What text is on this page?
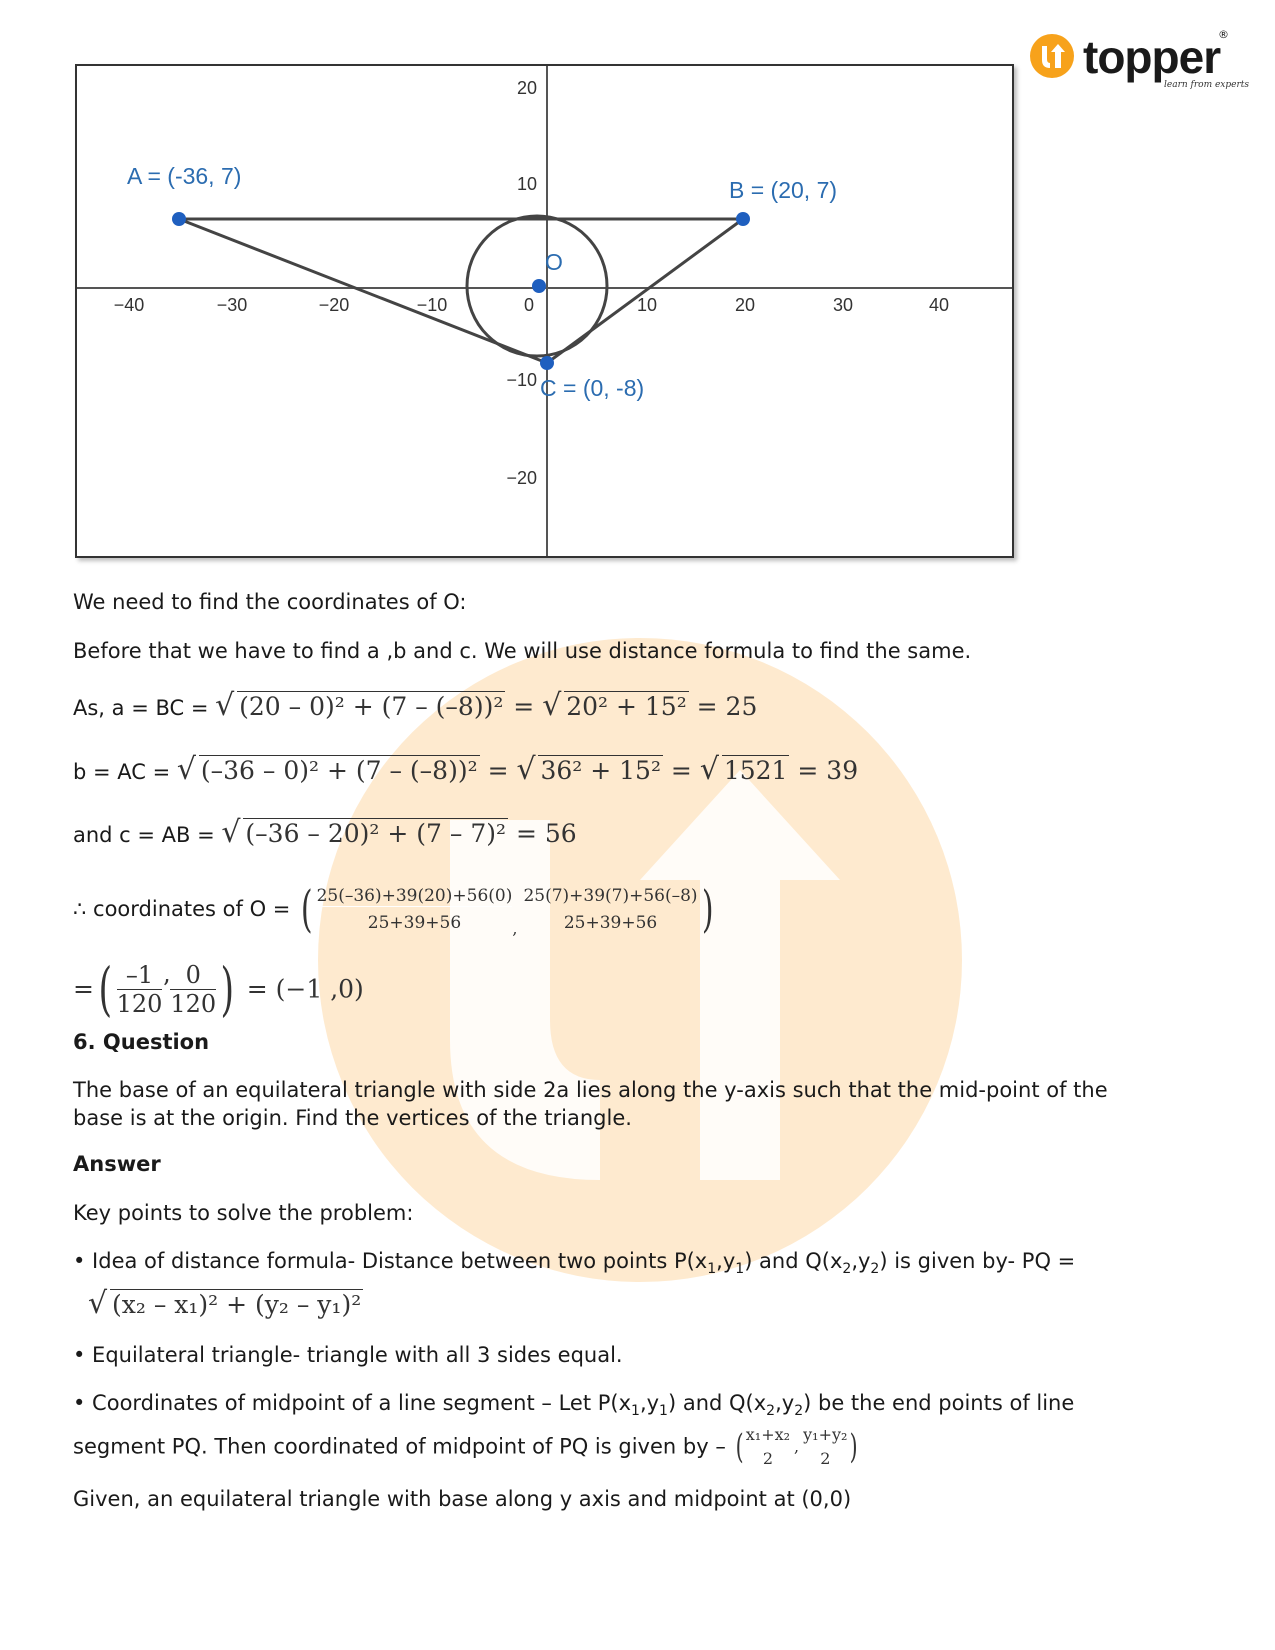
topper
®
learn from experts
−40	−30	−20	−10	0	10	20	30	40
20
10
−10
−20
A = (-36, 7)
B = (20, 7)
C = (0, -8)
O
We need to find the coordinates of O:
Before that we have to find a ,b and c. We will use distance formula to find the same.
As, a = BC = √ (20 – 0)² + (7 – (–8))² = √ 20² + 15² = 25
b = AC = √ (–36 – 0)² + (7 – (–8))² = √ 36² + 15² = √ 1521 = 39
and c = AB = √ (–36 – 20)² + (7 – 7)² = 56
∴ coordinates of O = ( $\frac{25(-36)+39(20)+56(0)}{25+39+56}$ ,
25(7)+39(7)+56(–8)
25+39+56 )
=( $\frac{-1}{120}$ ’ $\frac{0}{120}$ ) = (−1 ,0)
6. Question
The base of an equilateral triangle with side 2a lies along the y-axis such that the mid-point of the
base is at the origin. Find the vertices of the triangle.
Answer
Key points to solve the problem:
• Idea of distance formula- Distance between two points $P(x_1,y_1)$ and $Q(x_2,y_2)$ is given by- PQ =
√ (x₂ – x₁)² + (y₂ – y₁)²
• Equilateral triangle- triangle with all 3 sides equal.
• Coordinates of midpoint of a line segment – Let $P(x_1,y_1)$ and $Q(x_2,y_2)$ be the end points of line
segment PQ. Then coordinated of midpoint of PQ is given by – ( x₁+x₂
2
,
y₁+y₂
2 )
Given, an equilateral triangle with base along y axis and midpoint at (0,0)
